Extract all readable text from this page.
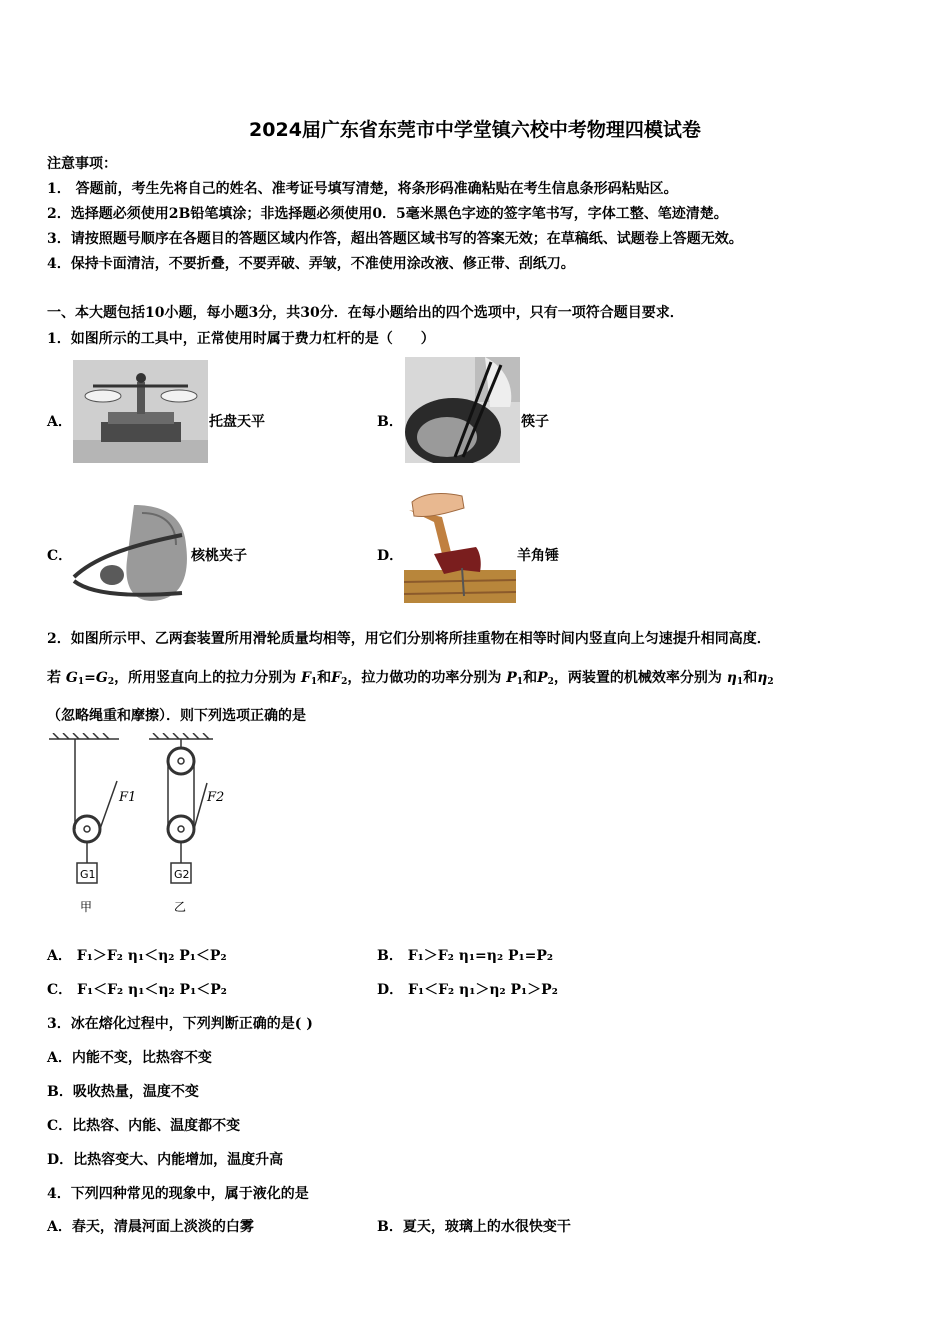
2024届广东省东莞市中学堂镇六校中考物理四模试卷
注意事项：
1． 答题前，考生先将自己的姓名、准考证号填写清楚，将条形码准确粘贴在考生信息条形码粘贴区。
2．选择题必须使用2B铅笔填涂；非选择题必须使用0．5毫米黑色字迹的签字笔书写，字体工整、笔迹清楚。
3．请按照题号顺序在各题目的答题区域内作答，超出答题区域书写的答案无效；在草稿纸、试题卷上答题无效。
4．保持卡面清洁，不要折叠，不要弄破、弄皱，不准使用涂改液、修正带、刮纸刀。
一、本大题包括10小题，每小题3分，共30分．在每小题给出的四个选项中，只有一项符合题目要求．
1．如图所示的工具中，正常使用时属于费力杠杆的是（　　）
A．	托盘天平	B．	筷子
C．	核桃夹子	D．	羊角锤
2．如图所示甲、乙两套装置所用滑轮质量均相等，用它们分别将所挂重物在相等时间内竖直向上匀速提升相同高度．
若 $G_1=G_2$，所用竖直向上的拉力分别为 $F_1$和$F_2$，拉力做功的功率分别为 $P_1$和$P_2$，两装置的机械效率分别为 $\eta_1$和$\eta_2$
（忽略绳重和摩擦）．则下列选项正确的是
F1	F2
G1	G2
甲	乙
A． F₁＞F₂ η₁＜η₂ P₁＜P₂	B． F₁＞F₂ η₁=η₂ P₁=P₂
C． F₁＜F₂ η₁＜η₂ P₁＜P₂	D． F₁＜F₂ η₁＞η₂ P₁＞P₂
3．冰在熔化过程中，下列判断正确的是( )
A．内能不变，比热容不变
B．吸收热量，温度不变
C．比热容、内能、温度都不变
D．比热容变大、内能增加，温度升高
4．下列四种常见的现象中，属于液化的是
A．春天，清晨河面上淡淡的白雾	B．夏天，玻璃上的水很快变干
